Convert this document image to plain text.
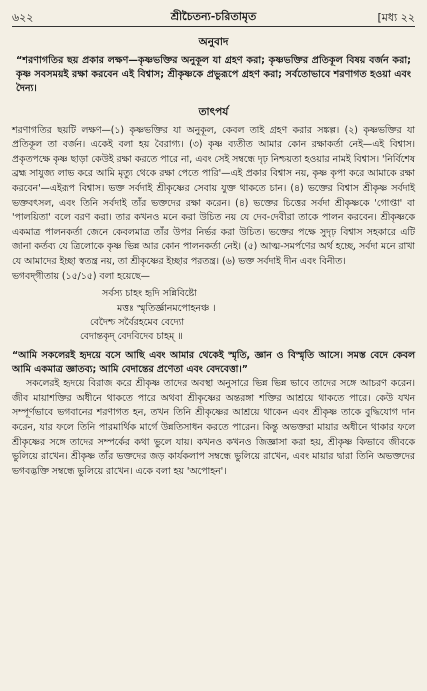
৬২২	শ্রীচৈতন্য-চরিতামৃত	[মধ্য ২২
অনুবাদ
“শরণাগতির ছয় প্রকার লক্ষণ—কৃষ্ণভক্তির অনুকূল যা গ্রহণ করা; কৃষ্ণভক্তির প্রতিকূল বিষয় বর্জন করা; কৃষ্ণ সবসময়ই রক্ষা করবেন এই বিশ্বাস; শ্রীকৃষ্ণকে প্রভুরূপে গ্রহণ করা; সর্বতোভাবে শরণাগত হওয়া এবং দৈন্য।
তাৎপর্য

শরণাগতির ছয়টি লক্ষণ—(১) কৃষ্ণভক্তির যা অনুকূল, কেবল তাই গ্রহণ করার সঙ্কল্প। (২) কৃষ্ণভক্তির যা প্রতিকূল তা বর্জন। একেই বলা হয় বৈরাগ্য। (৩) কৃষ্ণ ব্যতীত আমার কোন রক্ষাকর্তা নেই—এই বিশ্বাস। প্রকৃতপক্ষে কৃষ্ণ ছাড়া কেউই রক্ষা করতে পারে না, এবং সেই সম্বন্ধে দৃঢ় নিশ্চয়তা হওয়ার নামই বিশ্বাস। 'নির্বিশেষ ব্রহ্ম সাযুজ্য লাভ করে আমি মৃত্যু থেকে রক্ষা পেতে পারি'—এই প্রকার বিশ্বাস নয়, কৃষ্ণ কৃপা করে আমাকে রক্ষা করবেন'—এইরূপ বিশ্বাস। ভক্ত সর্বদাই শ্রীকৃষ্ণের সেবায় যুক্ত থাকতে চান। (৪) ভক্তের বিশ্বাস শ্রীকৃষ্ণ সর্বদাই ভক্তবৎসল, এবং তিনি সর্বদাই তাঁর ভক্তদের রক্ষা করেন। (৪) ভক্তের চিত্তের সর্বদা শ্রীকৃষ্ণকে 'গোপ্তা' বা 'পালয়িতা' বলে বরণ করা। তার কখনও মনে করা উচিত নয় যে দেব-দেবীরা তাকে পালন করবেন। শ্রীকৃষ্ণকে একমাত্র পালনকর্তা জেনে কেবলমাত্র তাঁর উপর নির্ভর করা উচিত। ভক্তের পক্ষে সুদৃঢ় বিশ্বাস সহকারে এটি জানা কর্তব্য যে ত্রিলোকে কৃষ্ণ ভিন্ন আর কোন পালনকর্তা নেই। (৫) আত্ম-সমর্পণের অর্থ হচ্ছে, সর্বদা মনে রাখা যে আমাদের ইচ্ছা স্বতন্ত্র নয়, তা শ্রীকৃষ্ণের ইচ্ছার পরতন্ত্র। (৬) ভক্ত সর্বদাই দীন এবং বিনীত।

ভগবদ্‌গীতায় (১৫/১৫) বলা হয়েছে—

সর্বস্য চাহং হৃদি সন্নিবিষ্টো
মত্তঃ স্মৃতির্জ্ঞানমপোহনঞ্চ ।
বেদৈশ্চ সর্বৈরহমেব বেদ্যো
বেদান্তকৃদ্‌ বেদবিদেব চাহম্ ॥
“আমি সকলেরই হৃদয়ে বসে আছি এবং আমার থেকেই স্মৃতি, জ্ঞান ও বিস্মৃতি আসে। সমস্ত বেদে কেবল আমি একমাত্র জ্ঞাতব্য; আমি বেদান্তের প্রণেতা এবং বেদবেত্তা।”

সকলেরই হৃদয়ে বিরাজ করে শ্রীকৃষ্ণ তাদের অবস্থা অনুসারে ভিন্ন ভিন্ন ভাবে তাদের সঙ্গে আচরণ করেন। জীব মায়াশক্তির অধীনে থাকতে পারে অথবা শ্রীকৃষ্ণের অন্তরঙ্গা শক্তির আশ্রয়ে থাকতে পারে। কেউ যখন সম্পূর্ণভাবে ভগবানের শরণাগত হন, তখন তিনি শ্রীকৃষ্ণের আশ্রয়ে থাকেন এবং শ্রীকৃষ্ণ তাকে বুদ্ধিযোগ দান করেন, যার ফলে তিনি পারমার্থিক মার্গে উন্নতিসাধন করতে পারেন। কিন্তু অভক্তরা মায়ার অধীনে থাকার ফলে শ্রীকৃষ্ণের সঙ্গে তাদের সম্পর্কের কথা ভুলে যায়। কখনও কখনও জিজ্ঞাসা করা হয়, শ্রীকৃষ্ণ কিভাবে জীবকে ভুলিয়ে রাখেন। শ্রীকৃষ্ণ তাঁর ভক্তদের জড় কার্যকলাপ সম্বন্ধে ভুলিয়ে রাখেন, এবং মায়ার দ্বারা তিনি অভক্তদের ভগবদ্ভক্তি সম্বন্ধে ভুলিয়ে রাখেন। একে বলা হয় 'অপোহন'।
